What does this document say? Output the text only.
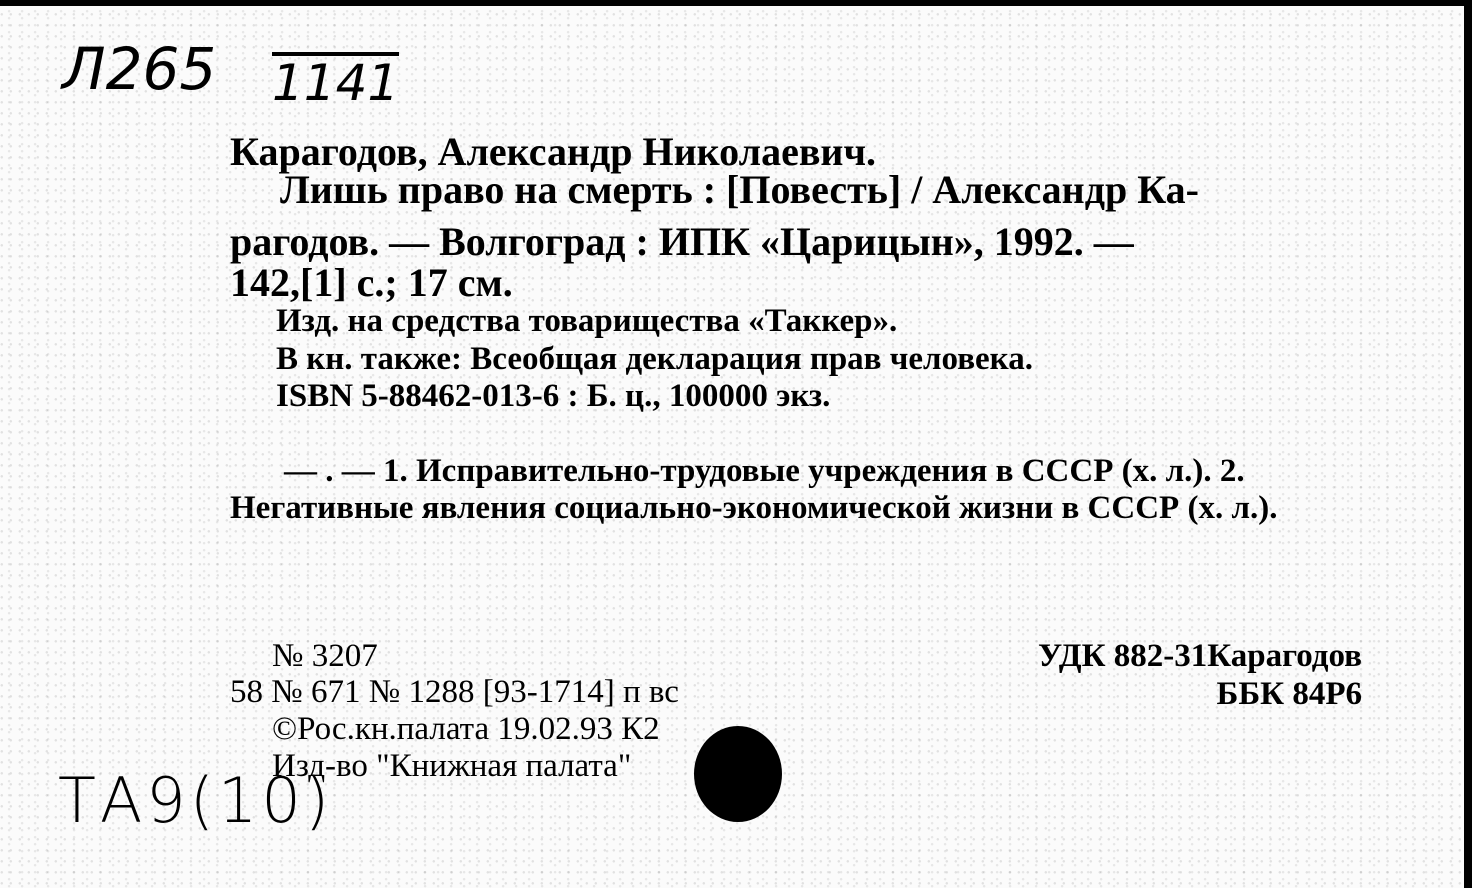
Л265 1141
Карагодов, Александр Николаевич.
Лишь право на смерть : [Повесть] / Александр Ка-
рагодов. — Волгоград : ИПК «Царицын», 1992. —
142,[1] с.; 17 см.
Изд. на средства товарищества «Таккер».
В кн. также: Всеобщая декларация прав человека.
ISBN 5-88462-013-6 : Б. ц., 100000 экз.
— . — 1. Исправительно-трудовые учреждения в СССР (х. л.). 2.
Негативные явления социально-экономической жизни в СССР (х. л.).
№ 3207
58 № 671 № 1288 [93-1714] п вс
©Рос.кн.палата 19.02.93 К2
Изд-во "Книжная палата"
УДК 882-31Карагодов
ББК 84Р6
ТА9(10)
